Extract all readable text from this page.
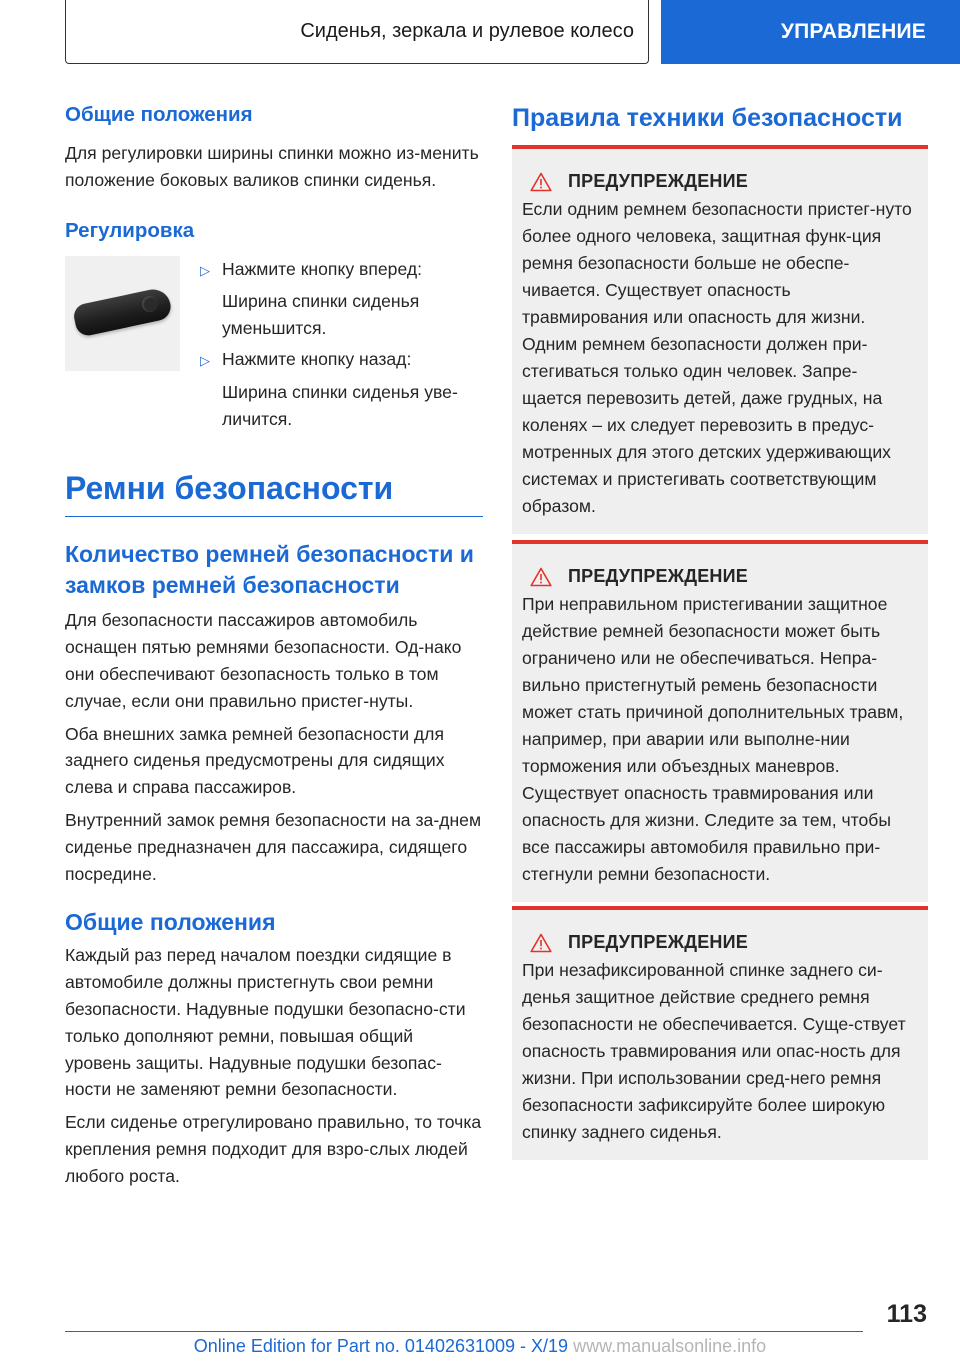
Сиденья, зеркала и рулевое колесо	УПРАВЛЕНИЕ
Общие положения
Для регулировки ширины спинки можно из-менить положение боковых валиков спинки сиденья.
Регулировка
▷ Нажмите кнопку вперед:
Ширина спинки сиденья уменьшится.
▷ Нажмите кнопку назад:
Ширина спинки сиденья уве-личится.
Ремни безопасности
Количество ремней безопасности и замков ремней безопасности
Для безопасности пассажиров автомобиль оснащен пятью ремнями безопасности. Од-нако они обеспечивают безопасность только в том случае, если они правильно пристег-нуты.
Оба внешних замка ремней безопасности для заднего сиденья предусмотрены для сидящих слева и справа пассажиров.
Внутренний замок ремня безопасности на за-днем сиденье предназначен для пассажира, сидящего посредине.
Общие положения
Каждый раз перед началом поездки сидящие в автомобиле должны пристегнуть свои ремни безопасности. Надувные подушки безопасно-сти только дополняют ремни, повышая общий уровень защиты. Надувные подушки безопас-ности не заменяют ремни безопасности.
Если сиденье отрегулировано правильно, то точка крепления ремня подходит для взро-слых людей любого роста.
Правила техники безопасности
ПРЕДУПРЕЖДЕНИЕ
Если одним ремнем безопасности пристег-нуто более одного человека, защитная функ-ция ремня безопасности больше не обеспе-чивается. Существует опасность травмирования или опасность для жизни. Одним ремнем безопасности должен при-стегиваться только один человек. Запре-щается перевозить детей, даже грудных, на коленях – их следует перевозить в предус-мотренных для этого детских удерживающих системах и пристегивать соответствующим образом.
ПРЕДУПРЕЖДЕНИЕ
При неправильном пристегивании защитное действие ремней безопасности может быть ограничено или не обеспечиваться. Непра-вильно пристегнутый ремень безопасности может стать причиной дополнительных травм, например, при аварии или выполне-нии торможения или объездных маневров. Существует опасность травмирования или опасность для жизни. Следите за тем, чтобы все пассажиры автомобиля правильно при-стегнули ремни безопасности.
ПРЕДУПРЕЖДЕНИЕ
При незафиксированной спинке заднего си-денья защитное действие среднего ремня безопасности не обеспечивается. Суще-ствует опасность травмирования или опас-ность для жизни. При использовании сред-него ремня безопасности зафиксируйте более широкую спинку заднего сиденья.
113
Online Edition for Part no. 01402631009 - X/19 www.manualsonline.info
